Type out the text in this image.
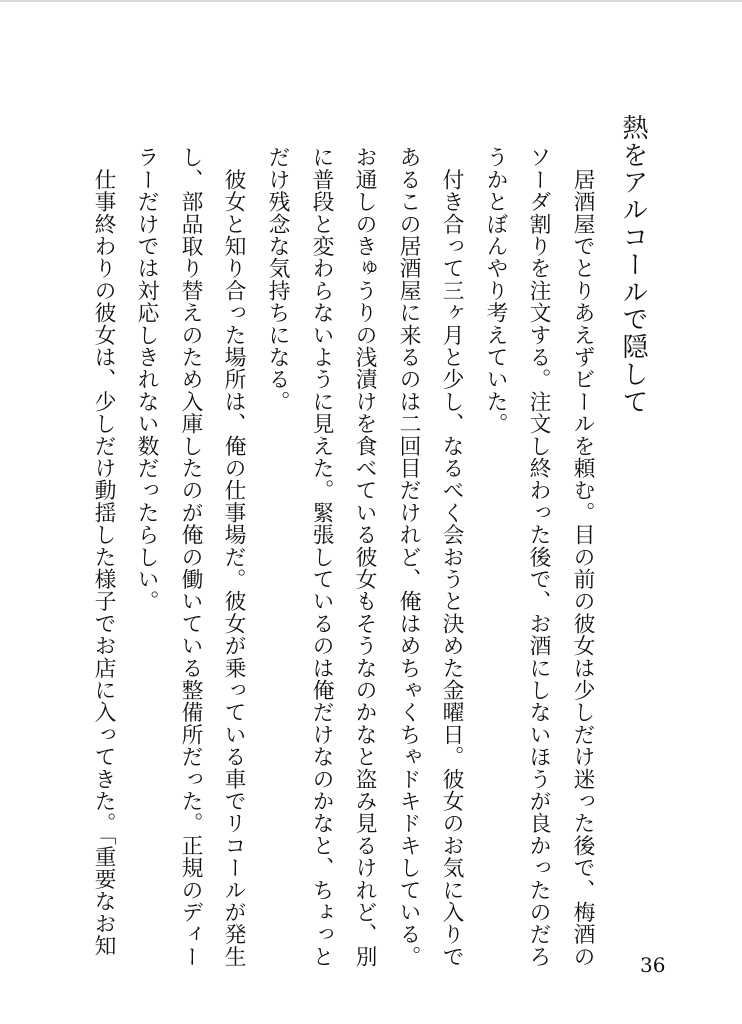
熱をアルコールで隠して
　居酒屋でとりあえずビールを頼む。目の前の彼女は少しだけ迷った後で、梅酒の
ソーダ割りを注文する。注文し終わった後で、お酒にしないほうが良かったのだろ
うかとぼんやり考えていた。
　付き合って三ヶ月と少し、なるべく会おうと決めた金曜日。彼女のお気に入りで
あるこの居酒屋に来るのは二回目だけれど、俺はめちゃくちゃドキドキしている。
お通しのきゅうりの浅漬けを食べている彼女もそうなのかなと盗み見るけれど、別
に普段と変わらないように見えた。緊張しているのは俺だけなのかなと、ちょっと
だけ残念な気持ちになる。
　彼女と知り合った場所は、俺の仕事場だ。彼女が乗っている車でリコールが発生
し、部品取り替えのため入庫したのが俺の働いている整備所だった。正規のディー
ラーだけでは対応しきれない数だったらしい。
　仕事終わりの彼女は、少しだけ動揺した様子でお店に入ってきた。「重要なお知
36
